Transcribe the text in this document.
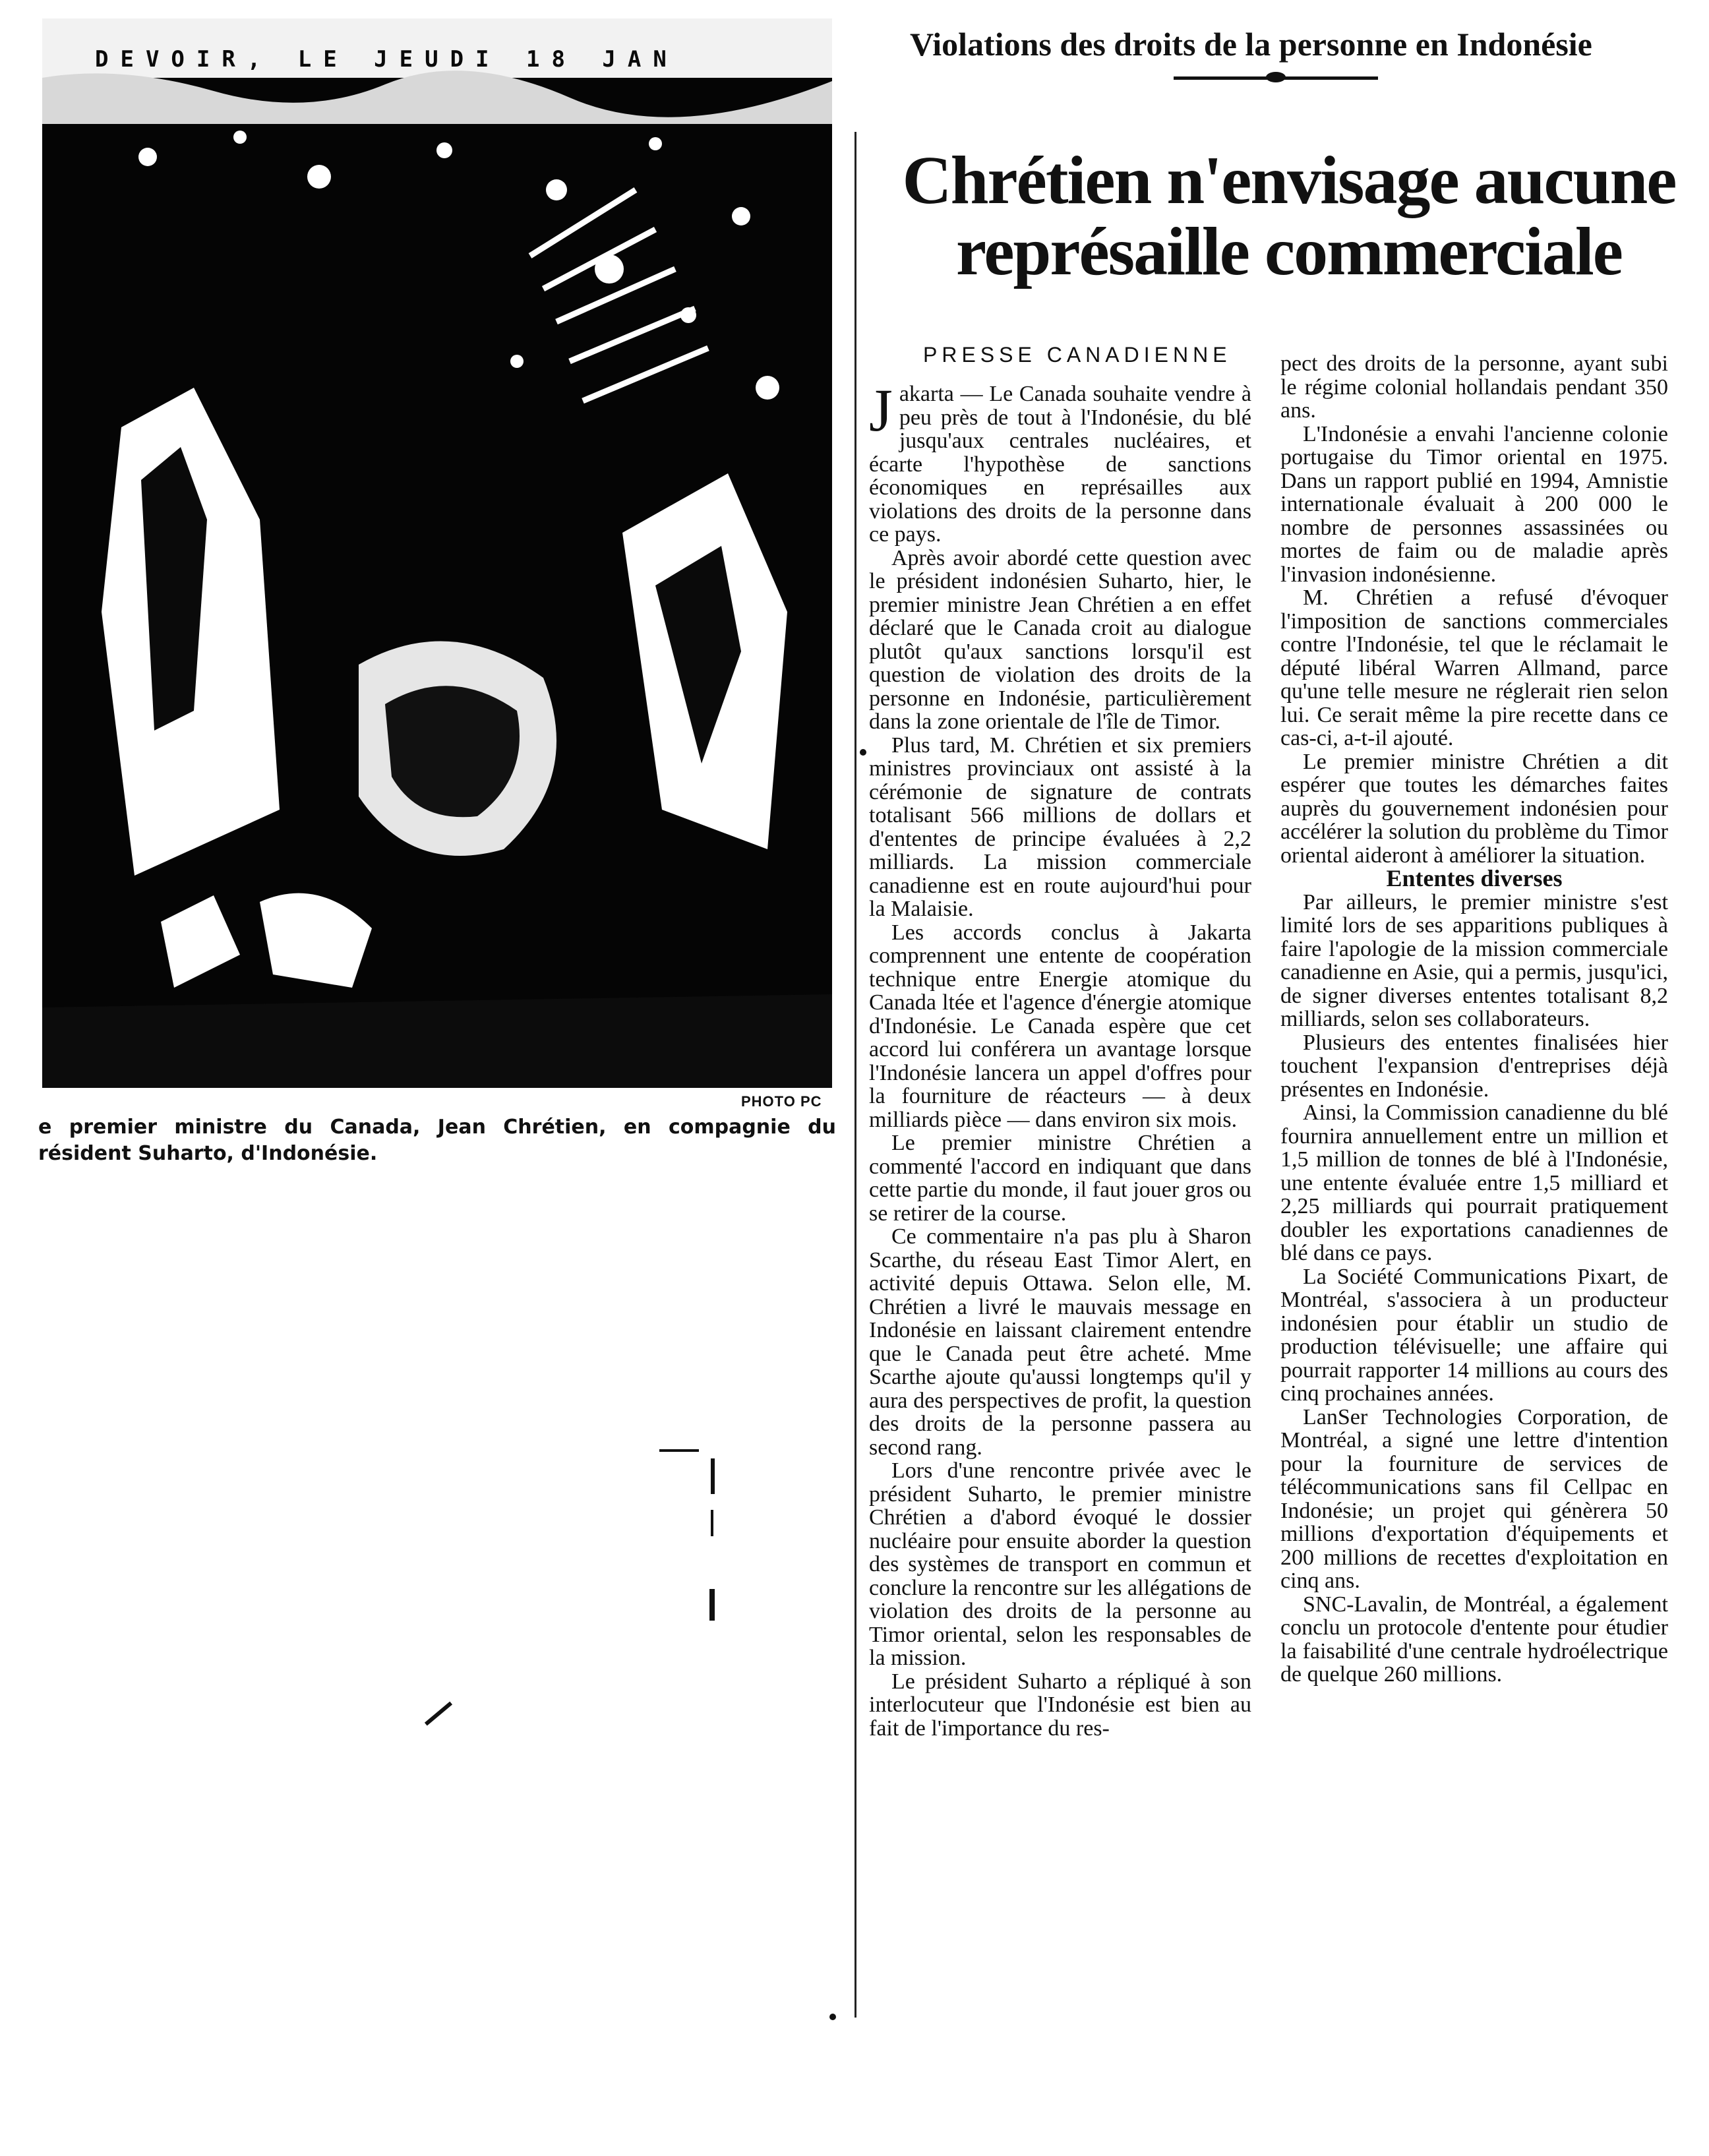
DEVOIR, LE JEUDI 18 JAN
PHOTO PC
e premier ministre du Canada, Jean Chrétien, en compagnie du résident Suharto, d'Indonésie.
Violations des droits de la personne en Indonésie
Chrétien n'envisage aucune représaille commerciale
PRESSE CANADIENNE

Jakarta — Le Canada souhaite vendre à peu près de tout à l'Indonésie, du blé jusqu'aux centrales nucléaires, et écarte l'hypothèse de sanctions économiques en représailles aux violations des droits de la personne dans ce pays.

Après avoir abordé cette question avec le président indonésien Suharto, hier, le premier ministre Jean Chrétien a en effet déclaré que le Canada croit au dialogue plutôt qu'aux sanctions lorsqu'il est question de violation des droits de la personne en Indonésie, particulièrement dans la zone orientale de l'île de Timor.

Plus tard, M. Chrétien et six premiers ministres provinciaux ont assisté à la cérémonie de signature de contrats totalisant 566 millions de dollars et d'ententes de principe évaluées à 2,2 milliards. La mission commerciale canadienne est en route aujourd'hui pour la Malaisie.

Les accords conclus à Jakarta comprennent une entente de coopération technique entre Energie atomique du Canada ltée et l'agence d'énergie atomique d'Indonésie. Le Canada espère que cet accord lui conférera un avantage lorsque l'Indonésie lancera un appel d'offres pour la fourniture de réacteurs — à deux milliards pièce — dans environ six mois.

Le premier ministre Chrétien a commenté l'accord en indiquant que dans cette partie du monde, il faut jouer gros ou se retirer de la course.

Ce commentaire n'a pas plu à Sharon Scarthe, du réseau East Timor Alert, en activité depuis Ottawa. Selon elle, M. Chrétien a livré le mauvais message en Indonésie en laissant clairement entendre que le Canada peut être acheté. Mme Scarthe ajoute qu'aussi longtemps qu'il y aura des perspectives de profit, la question des droits de la personne passera au second rang.

Lors d'une rencontre privée avec le président Suharto, le premier ministre Chrétien a d'abord évoqué le dossier nucléaire pour ensuite aborder la question des systèmes de transport en commun et conclure la rencontre sur les allégations de violation des droits de la personne au Timor oriental, selon les responsables de la mission.

Le président Suharto a répliqué à son interlocuteur que l'Indonésie est bien au fait de l'importance du res-

pect des droits de la personne, ayant subi le régime colonial hollandais pendant 350 ans.

L'Indonésie a envahi l'ancienne colonie portugaise du Timor oriental en 1975. Dans un rapport publié en 1994, Amnistie internationale évaluait à 200 000 le nombre de personnes assassinées ou mortes de faim ou de maladie après l'invasion indonésienne.

M. Chrétien a refusé d'évoquer l'imposition de sanctions commerciales contre l'Indonésie, tel que le réclamait le député libéral Warren Allmand, parce qu'une telle mesure ne réglerait rien selon lui. Ce serait même la pire recette dans ce cas-ci, a-t-il ajouté.

Le premier ministre Chrétien a dit espérer que toutes les démarches faites auprès du gouvernement indonésien pour accélérer la solution du problème du Timor oriental aideront à améliorer la situation.

Ententes diverses

Par ailleurs, le premier ministre s'est limité lors de ses apparitions publiques à faire l'apologie de la mission commerciale canadienne en Asie, qui a permis, jusqu'ici, de signer diverses ententes totalisant 8,2 milliards, selon ses collaborateurs.

Plusieurs des ententes finalisées hier touchent l'expansion d'entreprises déjà présentes en Indonésie.

Ainsi, la Commission canadienne du blé fournira annuellement entre un million et 1,5 million de tonnes de blé à l'Indonésie, une entente évaluée entre 1,5 milliard et 2,25 milliards qui pourrait pratiquement doubler les exportations canadiennes de blé dans ce pays.

La Société Communications Pixart, de Montréal, s'associera à un producteur indonésien pour établir un studio de production télévisuelle; une affaire qui pourrait rapporter 14 millions au cours des cinq prochaines années.

LanSer Technologies Corporation, de Montréal, a signé une lettre d'intention pour la fourniture de services de télécommunications sans fil Cellpac en Indonésie; un projet qui génèrera 50 millions d'exportation d'équipements et 200 millions de recettes d'exploitation en cinq ans.

SNC-Lavalin, de Montréal, a également conclu un protocole d'entente pour étudier la faisabilité d'une centrale hydroélectrique de quelque 260 millions.
